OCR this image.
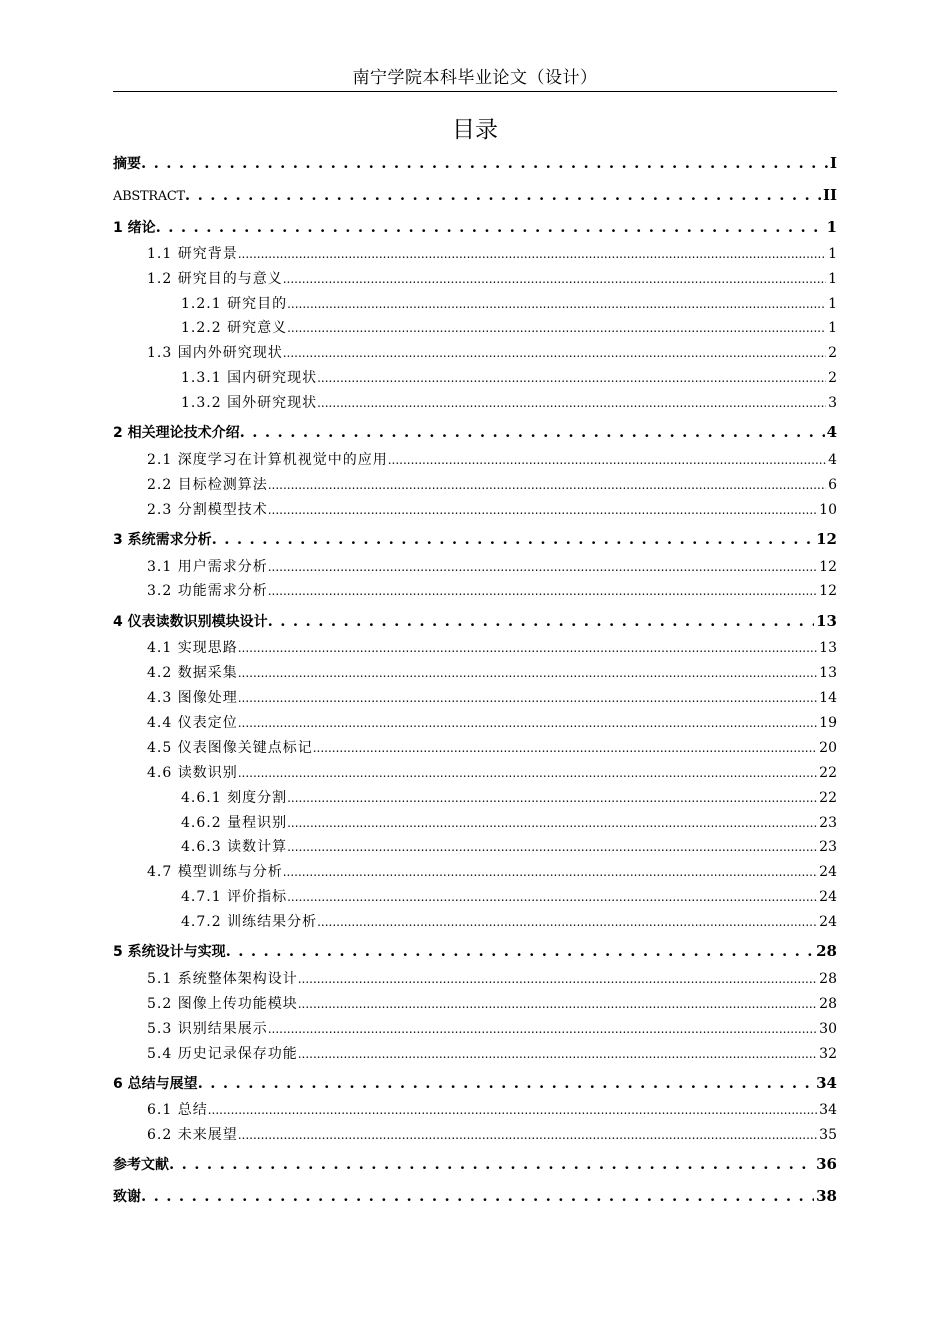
南宁学院本科毕业论文（设计）
目录
摘要 . . .	I
ABSTRACT . . .	II
1 绪论 . . .	1
1.1 研究背景 .....	1
1.2 研究目的与意义 .....	1
1.2.1 研究目的 .....	1
1.2.2 研究意义 .....	1
1.3 国内外研究现状 .....	2
1.3.1 国内研究现状 .....	2
1.3.2 国外研究现状 .....	3
2 相关理论技术介绍 . . .	4
2.1 深度学习在计算机视觉中的应用 .....	4
2.2 目标检测算法 .....	6
2.3 分割模型技术 .....	10
3 系统需求分析 . . .	12
3.1 用户需求分析 .....	12
3.2 功能需求分析 .....	12
4 仪表读数识别模块设计 . . .	13
4.1 实现思路 .....	13
4.2 数据采集 .....	13
4.3 图像处理 .....	14
4.4 仪表定位 .....	19
4.5 仪表图像关键点标记 .....	20
4.6 读数识别 .....	22
4.6.1 刻度分割 .....	22
4.6.2 量程识别 .....	23
4.6.3 读数计算 .....	23
4.7 模型训练与分析 .....	24
4.7.1 评价指标 .....	24
4.7.2 训练结果分析 .....	24
5 系统设计与实现 . . .	28
5.1 系统整体架构设计 .....	28
5.2 图像上传功能模块 .....	28
5.3 识别结果展示 .....	30
5.4 历史记录保存功能 .....	32
6 总结与展望 . . .	34
6.1 总结 .....	34
6.2 未来展望 .....	35
参考文献 . . .	36
致谢 . . .	38
